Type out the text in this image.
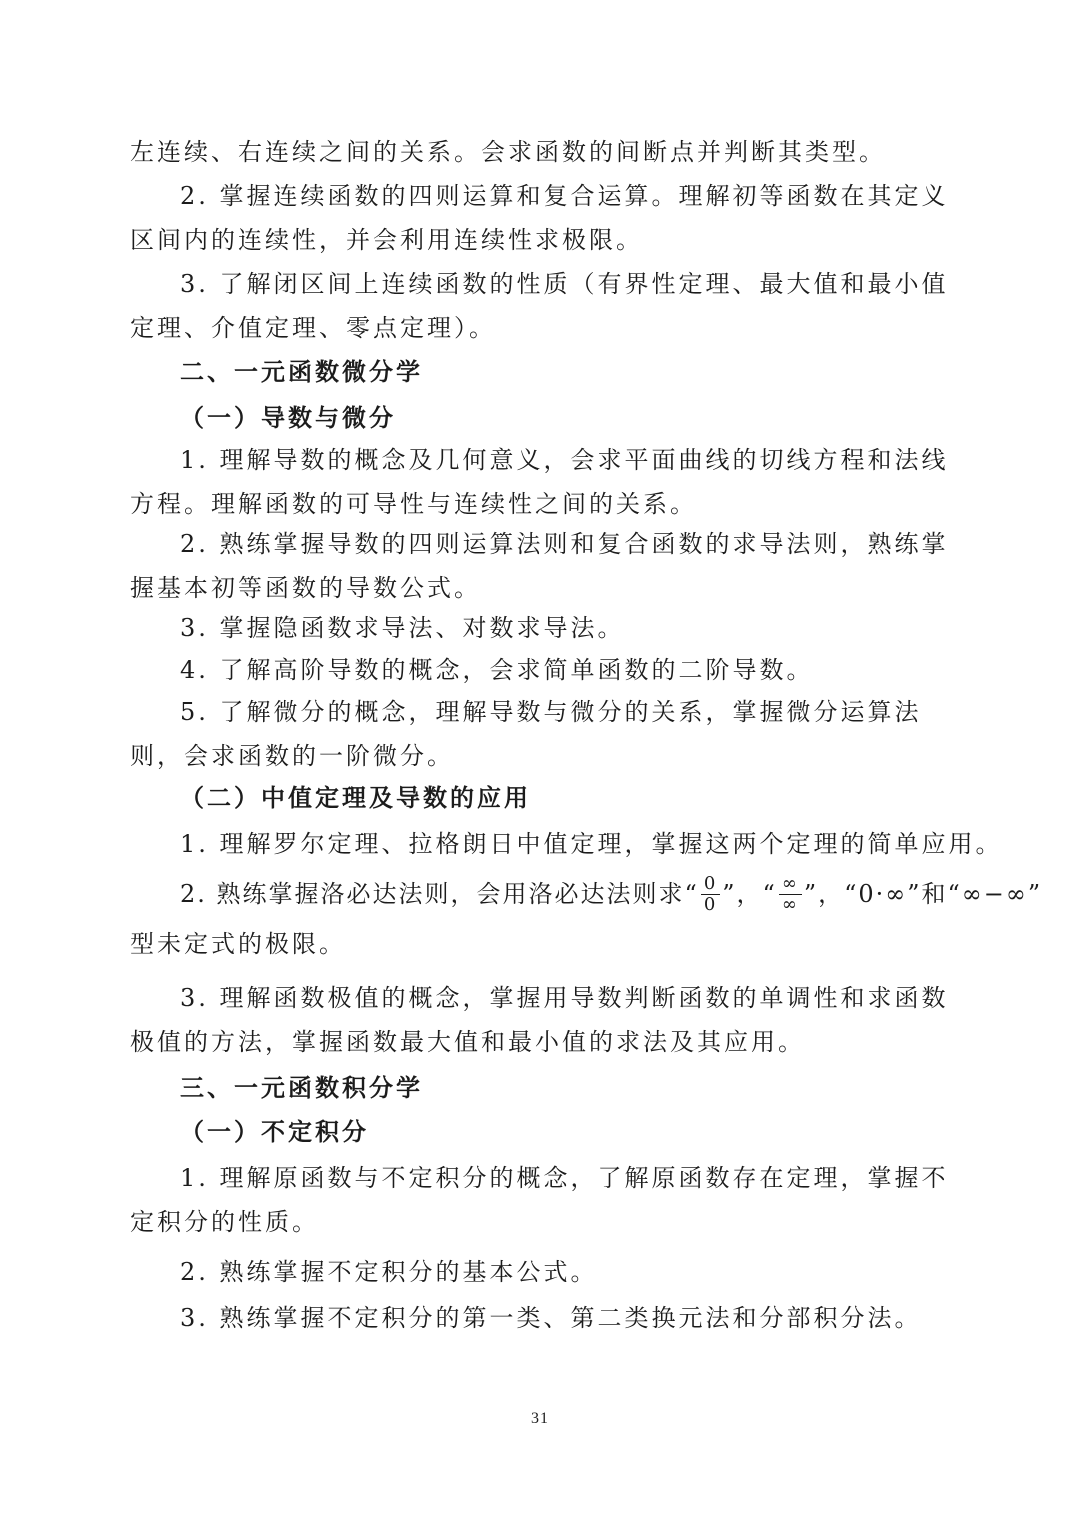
左连续、右连续之间的关系。会求函数的间断点并判断其类型。

2. 掌握连续函数的四则运算和复合运算。理解初等函数在其定义区间内的连续性，并会利用连续性求极限。

3. 了解闭区间上连续函数的性质（有界性定理、最大值和最小值定理、介值定理、零点定理）。

二、一元函数微分学
（一）导数与微分

1. 理解导数的概念及几何意义，会求平面曲线的切线方程和法线方程。理解函数的可导性与连续性之间的关系。

2. 熟练掌握导数的四则运算法则和复合函数的求导法则，熟练掌握基本初等函数的导数公式。

3. 掌握隐函数求导法、对数求导法。

4. 了解高阶导数的概念，会求简单函数的二阶导数。

5. 了解微分的概念，理解导数与微分的关系，掌握微分运算法则，会求函数的一阶微分。

（二）中值定理及导数的应用

1. 理解罗尔定理、拉格朗日中值定理，掌握这两个定理的简单应用。

2. 熟练掌握洛必达法则，会用洛必达法则求 “ $\frac{0}{0}$ ”，“ $\frac{\infty}{\infty}$ ”，“0·∞”和“∞−∞”

型未定式的极限。

3. 理解函数极值的概念，掌握用导数判断函数的单调性和求函数极值的方法，掌握函数最大值和最小值的求法及其应用。

三、一元函数积分学
（一）不定积分

1. 理解原函数与不定积分的概念，了解原函数存在定理，掌握不定积分的性质。

2. 熟练掌握不定积分的基本公式。

3. 熟练掌握不定积分的第一类、第二类换元法和分部积分法。

31
